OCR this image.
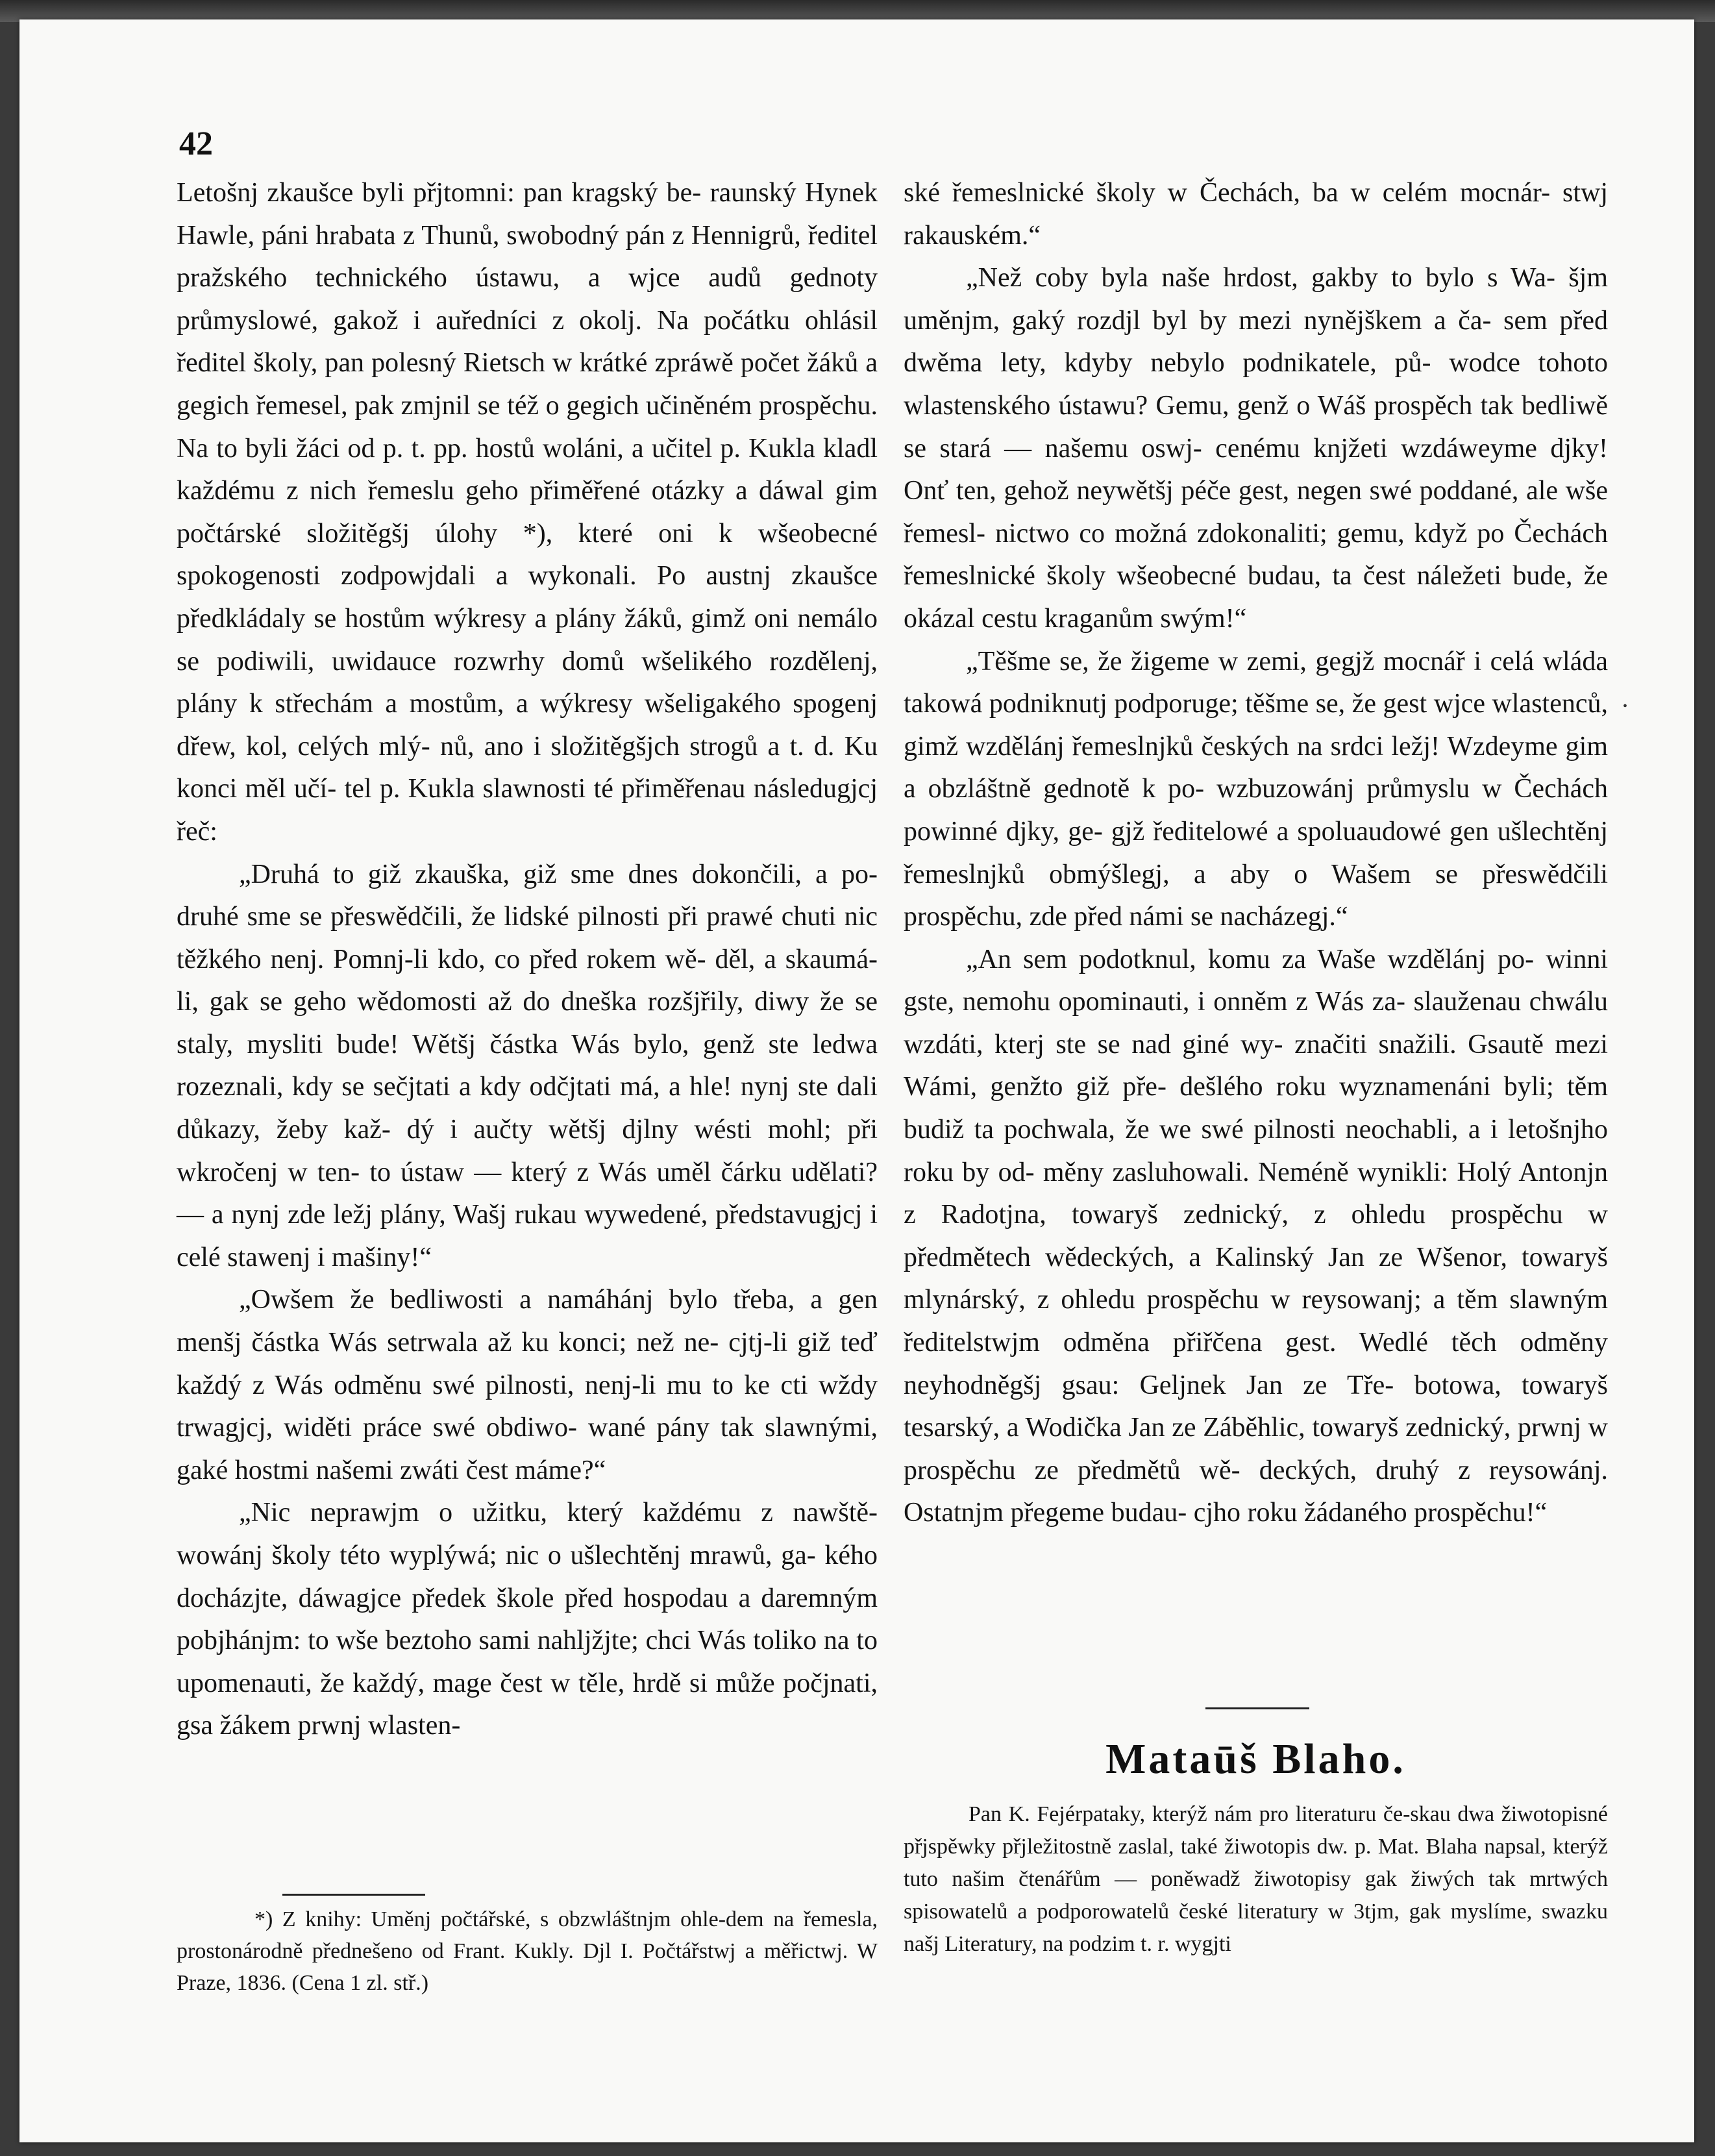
42

Letošnj zkaušce byli přjtomni: pan kragský be- raunský Hynek Hawle, páni hrabata z Thunů, swobodný pán z Hennigrů, ředitel pražského technického ústawu, a wjce audů gednoty průmyslowé, gakož i auředníci z okolj. Na počátku ohlásil ředitel školy, pan polesný Rietsch w krátké zpráwě počet žáků a gegich řemesel, pak zmjnil se též o gegich učiněném prospěchu. Na to byli žáci od p. t. pp. hostů woláni, a učitel p. Kukla kladl každému z nich řemeslu geho přiměřené otázky a dáwal gim počtárské složitěgšj úlohy *), které oni k wšeobecné spokogenosti zodpowjdali a wykonali. Po austnj zkaušce předkládaly se hostům wýkresy a plány žáků, gimž oni nemálo se podiwili, uwidauce rozwrhy domů wšelikého rozdělenj, plány k střechám a mostům, a wýkresy wšeligakého spogenj dřew, kol, celých mlý- nů, ano i složitěgšjch strogů a t. d. Ku konci měl učí- tel p. Kukla slawnosti té přiměřenau následugjcj řeč:

„Druhá to giž zkauška, giž sme dnes dokončili, a po- druhé sme se přeswědčili, že lidské pilnosti při prawé chuti nic těžkého nenj. Pomnj-li kdo, co před rokem wě- děl, a skaumá-li, gak se geho wědomosti až do dneška rozšjřily, diwy že se staly, mysliti bude! Wětšj částka Wás bylo, genž ste ledwa rozeznali, kdy se sečjtati a kdy odčjtati má, a hle! nynj ste dali důkazy, žeby kaž- dý i aučty wětšj djlny wésti mohl; při wkročenj w ten- to ústaw — který z Wás uměl čárku udělati? — a nynj zde ležj plány, Wašj rukau wywedené, představugjcj i celé stawenj i mašiny!“

„Owšem že bedliwosti a namáhánj bylo třeba, a gen menšj částka Wás setrwala až ku konci; než ne- cjtj-li giž teď každý z Wás odměnu swé pilnosti, nenj-li mu to ke cti wždy trwagjcj, widěti práce swé obdiwo- wané pány tak slawnými, gaké hostmi našemi zwáti čest máme?“

„Nic neprawjm o užitku, který každému z nawště- wowánj školy této wyplýwá; nic o ušlechtěnj mrawů, ga- kého docházjte, dáwagjce předek škole před hospodau a daremným pobjhánjm: to wše beztoho sami nahljžjte; chci Wás toliko na to upomenauti, že každý, mage čest w těle, hrdě si může počjnati, gsa žákem prwnj wlasten-

ské řemeslnické školy w Čechách, ba w celém mocnár- stwj rakauském.“

„Než coby byla naše hrdost, gakby to bylo s Wa- šjm uměnjm, gaký rozdjl byl by mezi nynějškem a ča- sem před dwěma lety, kdyby nebylo podnikatele, pů- wodce tohoto wlastenského ústawu? Gemu, genž o Wáš prospěch tak bedliwě se stará — našemu oswj- cenému knjžeti wzdáweyme djky! Onť ten, gehož neywětšj péče gest, negen swé poddané, ale wše řemesl- nictwo co možná zdokonaliti; gemu, když po Čechách řemeslnické školy wšeobecné budau, ta čest náležeti bude, že okázal cestu kraganům swým!“

„Těšme se, že žigeme w zemi, gegjž mocnář i celá wláda takowá podniknutj podporuge; těšme se, že gest wjce wlastenců, gimž wzdělánj řemeslnjků českých na srdci ležj! Wzdeyme gim a obzláštně gednotě k po- wzbuzowánj průmyslu w Čechách powinné djky, ge- gjž ředitelowé a spoluaudowé gen ušlechtěnj řemeslnjků obmýšlegj, a aby o Wašem se přeswědčili prospěchu, zde před námi se nacházegj.“

„An sem podotknul, komu za Waše wzdělánj po- winni gste, nemohu opominauti, i onněm z Wás za- slauženau chwálu wzdáti, kterj ste se nad giné wy- značiti snažili. Gsautě mezi Wámi, genžto giž pře- dešlého roku wyznamenáni byli; těm budiž ta pochwala, že we swé pilnosti neochabli, a i letošnjho roku by od- měny zasluhowali. Neméně wynikli: Holý Antonjn z Radotjna, towaryš zednický, z ohledu prospěchu w předmětech wědeckých, a Kalinský Jan ze Wšenor, towaryš mlynárský, z ohledu prospěchu w reysowanj; a těm slawným ředitelstwjm odměna přiřčena gest. Wedlé těch odměny neyhodněgšj gsau: Geljnek Jan ze Tře- botowa, towaryš tesarský, a Wodička Jan ze Záběhlic, towaryš zednický, prwnj w prospěchu ze předmětů wě- deckých, druhý z reysowánj. Ostatnjm přegeme budau- cjho roku žádaného prospěchu!“

•
*) Z knihy: Uměnj počtářské, s obzwláštnjm ohle-dem na řemesla, prostonárodně přednešeno od Frant. Kukly. Djl I. Počtářstwj a měřictwj. W Praze, 1836. (Cena 1 zl. stř.)
Mataūš Blaho.

Pan K. Fejérpataky, kterýž nám pro literaturu če-skau dwa žiwotopisné přjspěwky přjležitostně zaslal, také žiwotopis dw. p. Mat. Blaha napsal, kterýž tuto našim čtenářům — poněwadž žiwotopisy gak žiwých tak mrtwých spisowatelů a podporowatelů české literatury w 3tjm, gak myslíme, swazku našj Literatury, na podzim t. r. wygjti
